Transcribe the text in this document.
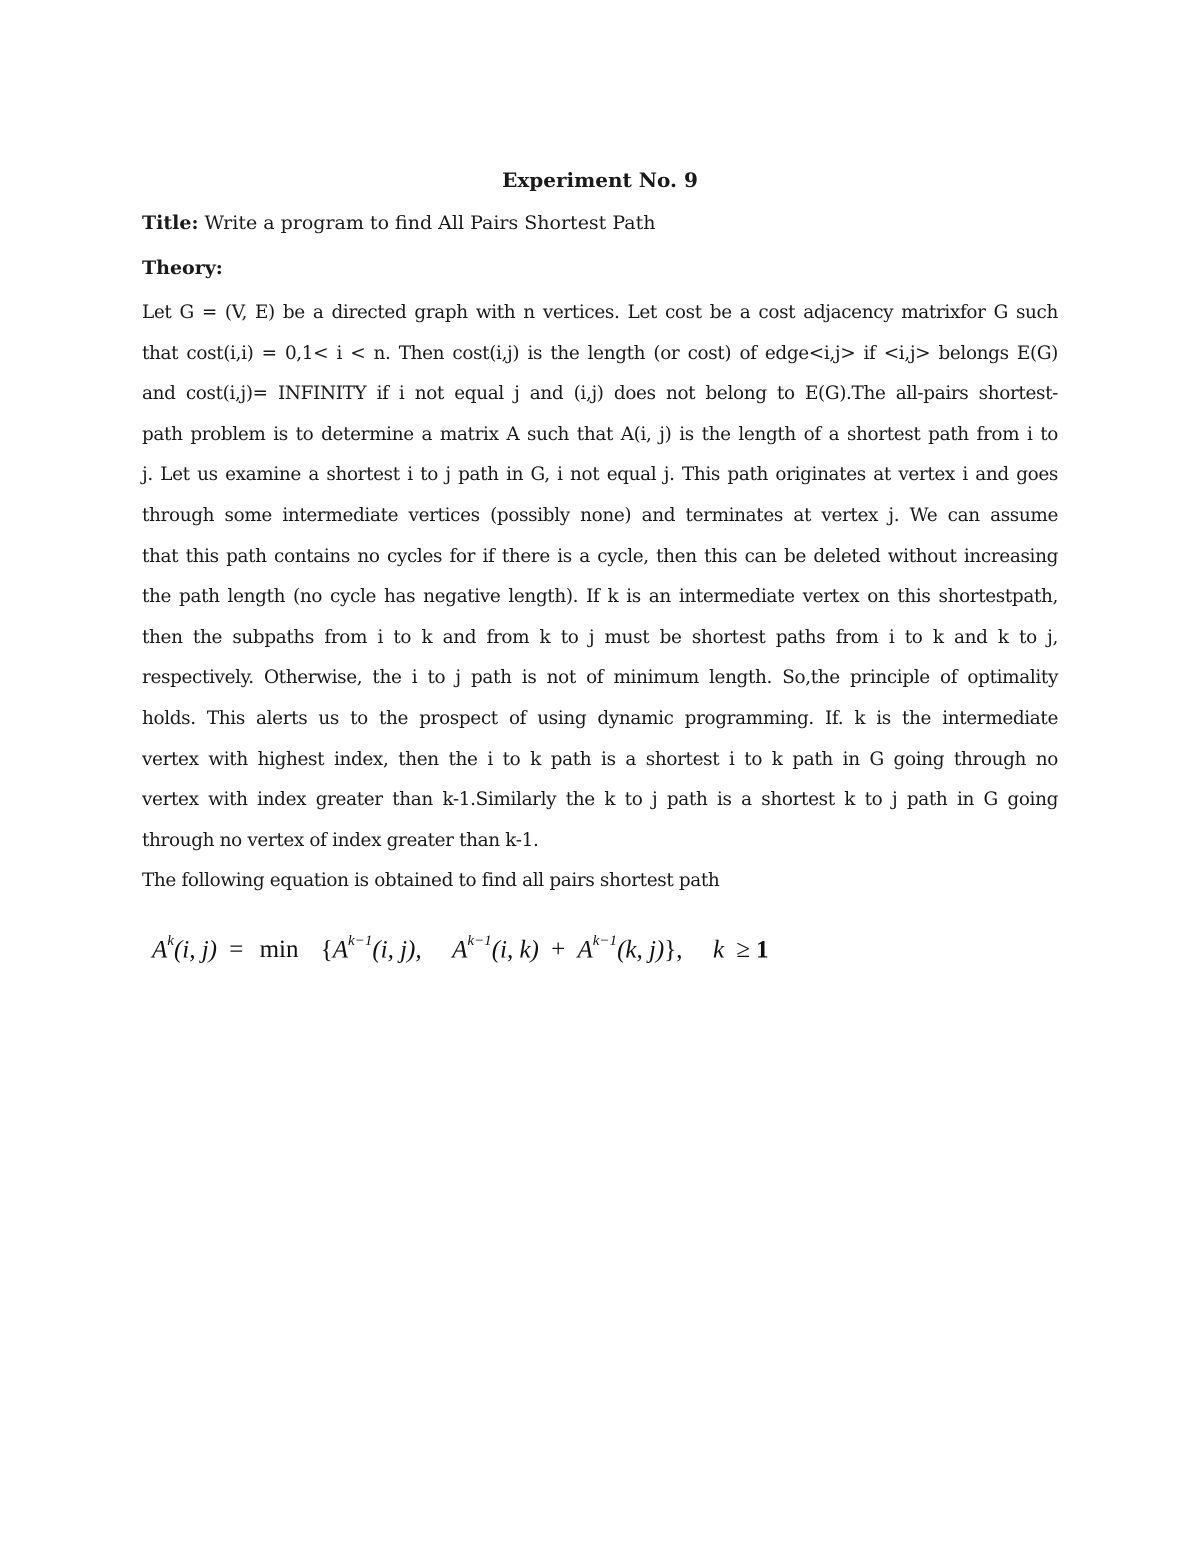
Experiment No. 9
Title: Write a program to find All Pairs Shortest Path
Theory:
Let G = (V, E) be a directed graph with n vertices. Let cost be a cost adjacency matrixfor G such
that cost(i,i) = 0,1< i < n. Then cost(i,j) is the length (or cost) of edge<i,j> if <i,j> belongs E(G)
and cost(i,j)= INFINITY if i not equal j and (i,j) does not belong to E(G).The all-pairs shortest-
path problem is to determine a matrix A such that A(i, j) is the length of a shortest path from i to
j. Let us examine a shortest i to j path in G, i not equal j. This path originates at vertex i and goes
through some intermediate vertices (possibly none) and terminates at vertex j. We can assume
that this path contains no cycles for if there is a cycle, then this can be deleted without increasing
the path length (no cycle has negative length). If k is an intermediate vertex on this shortestpath,
then the subpaths from i to k and from k to j must be shortest paths from i to k and k to j,
respectively. Otherwise, the i to j path is not of minimum length. So,the principle of optimality
holds. This alerts us to the prospect of using dynamic programming. If. k is the intermediate
vertex with highest index, then the i to k path is a shortest i to k path in G going through no
vertex with index greater than k-1.Similarly the k to j path is a shortest k to j path in G going
through no vertex of index greater than k-1.
The following equation is obtained to find all pairs shortest path
$A^k(i$, $j) = \min \{A^{k-1}(i$, j), $A^{k-1}(i$, $k) + A^{k-1}(k$, j)}, k ≥ 1
